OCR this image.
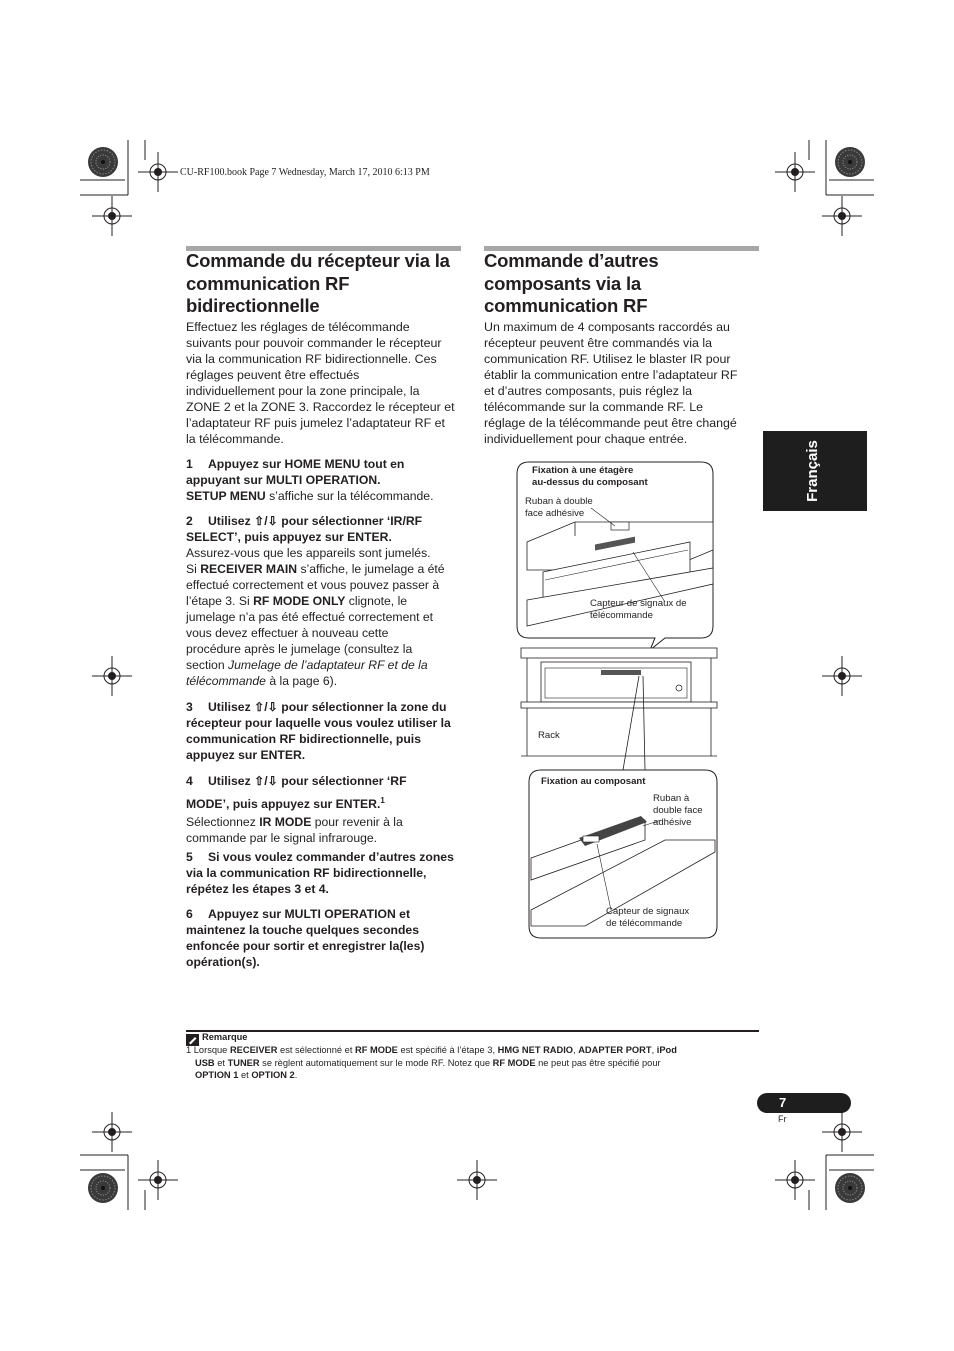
CU-RF100.book Page 7 Wednesday, March 17, 2010 6:13 PM
Commande du récepteur via la
communication RF
bidirectionnelle
Effectuez les réglages de télécommande
suivants pour pouvoir commander le récepteur
via la communication RF bidirectionnelle. Ces
réglages peuvent être effectués
individuellement pour la zone principale, la
ZONE 2 et la ZONE 3. Raccordez le récepteur et
l’adaptateur RF puis jumelez l’adaptateur RF et
la télécommande.
1 Appuyez sur HOME MENU tout en
appuyant sur MULTI OPERATION.
SETUP MENU s’affiche sur la télécommande.
2 Utilisez ⇧/⇩ pour sélectionner ‘IR/RF
SELECT’, puis appuyez sur ENTER.
Assurez-vous que les appareils sont jumelés.
Si RECEIVER MAIN s’affiche, le jumelage a été
effectué correctement et vous pouvez passer à
l’étape 3. Si RF MODE ONLY clignote, le
jumelage n’a pas été effectué correctement et
vous devez effectuer à nouveau cette
procédure après le jumelage (consultez la
section Jumelage de l’adaptateur RF et de la
télécommande à la page 6).
3 Utilisez ⇧/⇩ pour sélectionner la zone du
récepteur pour laquelle vous voulez utiliser la
communication RF bidirectionnelle, puis
appuyez sur ENTER.
4 Utilisez ⇧/⇩ pour sélectionner ‘RF
MODE’, puis appuyez sur ENTER.$^1$
Sélectionnez IR MODE pour revenir à la
commande par le signal infrarouge.
5 Si vous voulez commander d’autres zones
via la communication RF bidirectionnelle,
répétez les étapes 3 et 4.
6 Appuyez sur MULTI OPERATION et
maintenez la touche quelques secondes
enfoncée pour sortir et enregistrer la(les)
opération(s).
Commande d’autres
composants via la
communication RF
Un maximum de 4 composants raccordés au
récepteur peuvent être commandés via la
communication RF. Utilisez le blaster IR pour
établir la communication entre l’adaptateur RF
et d’autres composants, puis réglez la
télécommande sur la commande RF. Le
réglage de la télécommande peut être changé
individuellement pour chaque entrée.
Fixation à une étagère
au-dessus du composant
Ruban à double
face adhésive
Capteur de signaux de
télécommande
Rack
Fixation au composant
Ruban à
double face
adhésive
Capteur de signaux
de télécommande
Français
Remarque
1 Lorsque RECEIVER est sélectionné et RF MODE est spécifié à l’étape 3, HMG NET RADIO, ADAPTER PORT, iPod
USB et TUNER se règlent automatiquement sur le mode RF. Notez que RF MODE ne peut pas être spécifié pour
OPTION 1 et OPTION 2.
7
Fr
